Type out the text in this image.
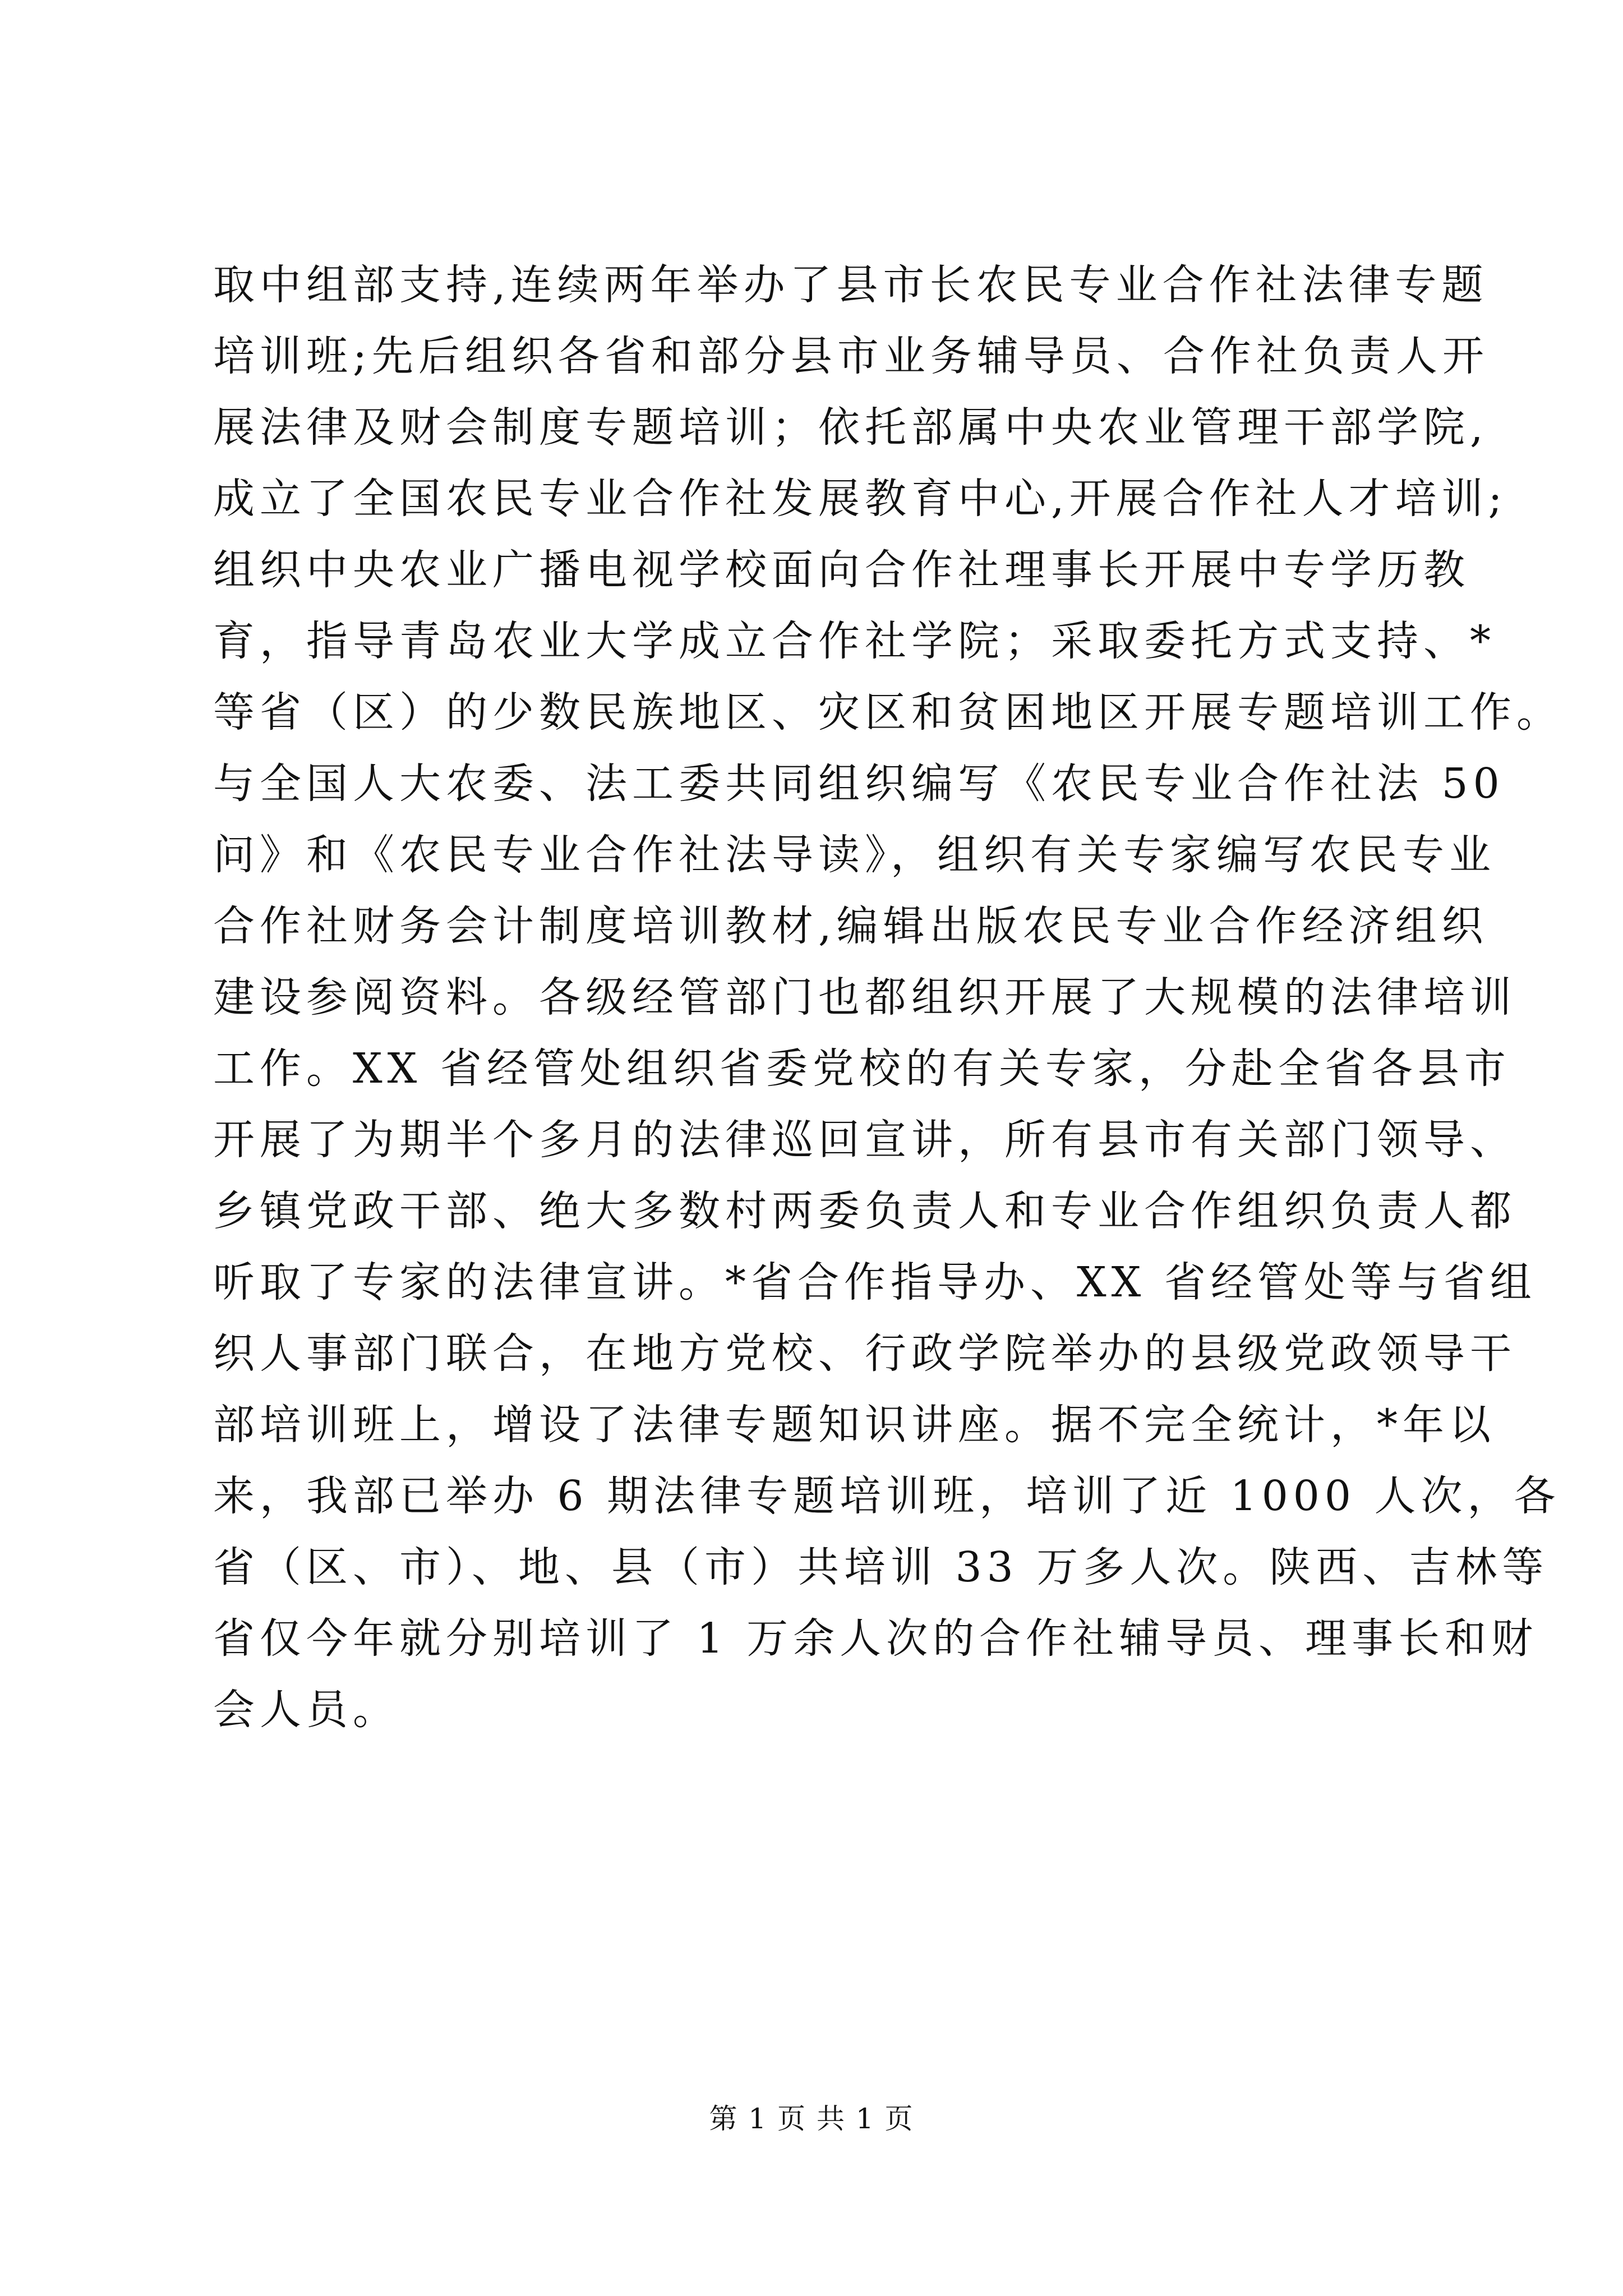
取中组部支持,连续两年举办了县市长农民专业合作社法律专题
培训班;先后组织各省和部分县市业务辅导员、合作社负责人开
展法律及财会制度专题培训；依托部属中央农业管理干部学院,
成立了全国农民专业合作社发展教育中心,开展合作社人才培训;
组织中央农业广播电视学校面向合作社理事长开展中专学历教
育，指导青岛农业大学成立合作社学院；采取委托方式支持、*
等省（区）的少数民族地区、灾区和贫困地区开展专题培训工作。
与全国人大农委、法工委共同组织编写《农民专业合作社法 50
问》和《农民专业合作社法导读》，组织有关专家编写农民专业
合作社财务会计制度培训教材,编辑出版农民专业合作经济组织
建设参阅资料。各级经管部门也都组织开展了大规模的法律培训
工作。XX 省经管处组织省委党校的有关专家，分赴全省各县市
开展了为期半个多月的法律巡回宣讲，所有县市有关部门领导、
乡镇党政干部、绝大多数村两委负责人和专业合作组织负责人都
听取了专家的法律宣讲。*省合作指导办、XX 省经管处等与省组
织人事部门联合，在地方党校、行政学院举办的县级党政领导干
部培训班上，增设了法律专题知识讲座。据不完全统计，*年以
来，我部已举办 6 期法律专题培训班，培训了近 1000 人次，各
省（区、市）、地、县（市）共培训 33 万多人次。陕西、吉林等
省仅今年就分别培训了 1 万余人次的合作社辅导员、理事长和财
会人员。
第 1 页 共 1 页
